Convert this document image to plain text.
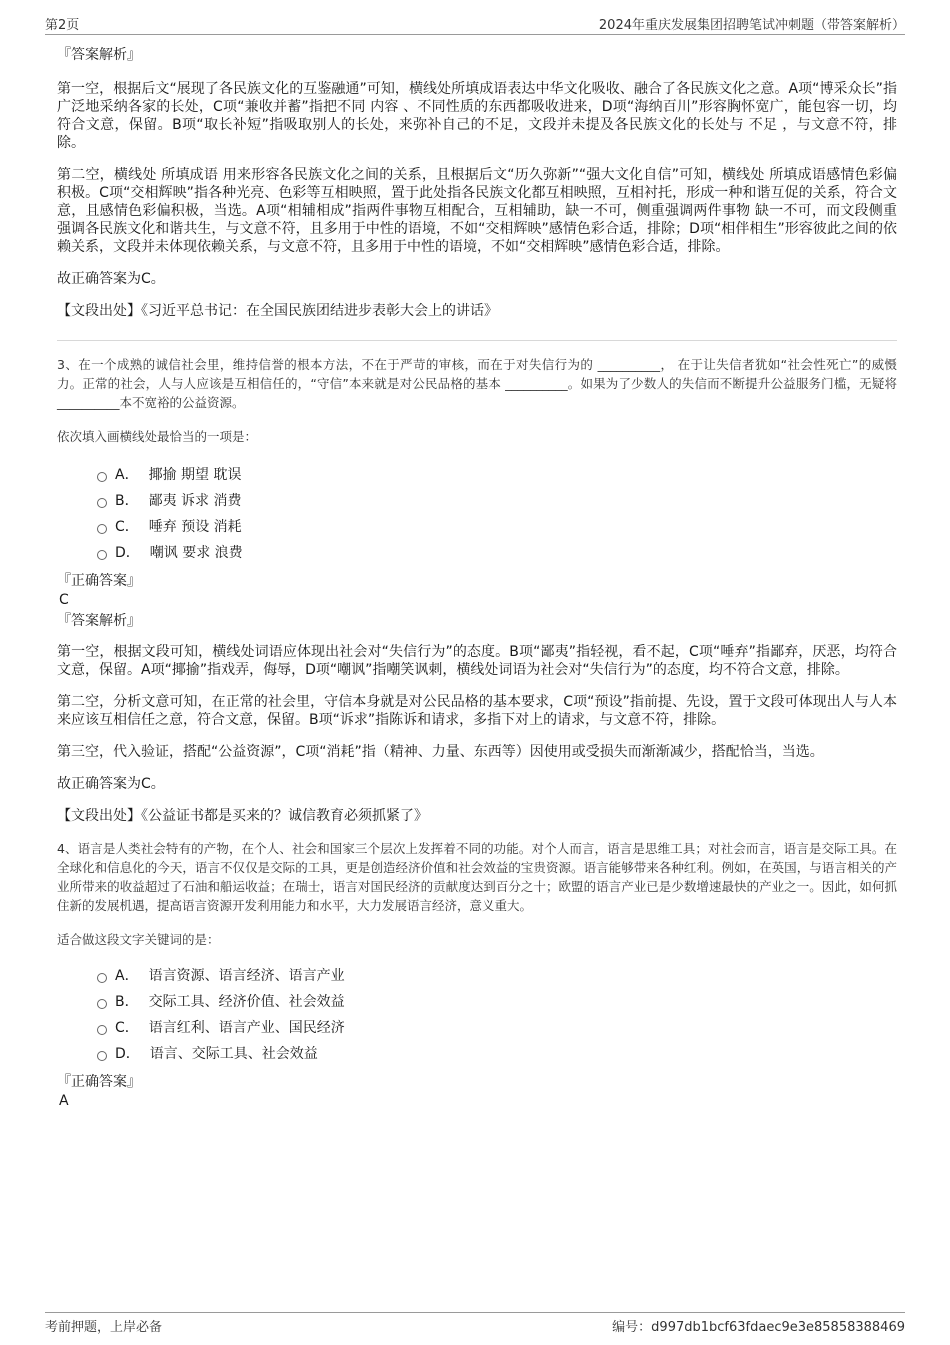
第2页	2024年重庆发展集团招聘笔试冲刺题（带答案解析）

『答案解析』

第一空，根据后文“展现了各民族文化的互鉴融通”可知，横线处所填成语表达中华文化吸收、融合了各民族文化之意。A项“博采众长”指广泛地采纳各家的长处，C项“兼收并蓄”指把不同 内容 、不同性质的东西都吸收进来，D项“海纳百川”形容胸怀宽广，能包容一切，均符合文意，保留。B项“取长补短”指吸取别人的长处，来弥补自己的不足，文段并未提及各民族文化的长处与 不足 ，与文意不符，排除。

第二空，横线处 所填成语 用来形容各民族文化之间的关系，且根据后文“历久弥新”“强大文化自信”可知，横线处 所填成语感情色彩偏积极。C项“交相辉映”指各种光亮、色彩等互相映照，置于此处指各民族文化都互相映照，互相衬托，形成一种和谐互促的关系，符合文意，且感情色彩偏积极，当选。A项“相辅相成”指两件事物互相配合，互相辅助，缺一不可，侧重强调两件事物 缺一不可，而文段侧重强调各民族文化和谐共生，与文意不符，且多用于中性的语境，不如“交相辉映”感情色彩合适，排除；D项“相伴相生”形容彼此之间的依赖关系，文段并未体现依赖关系，与文意不符，且多用于中性的语境，不如“交相辉映”感情色彩合适，排除。

故正确答案为C。

【文段出处】《习近平总书记：在全国民族团结进步表彰大会上的讲话》

3、在一个成熟的诚信社会里，维持信誉的根本方法，不在于严苛的审核，而在于对失信行为的 __________， 在于让失信者犹如“社会性死亡”的威慑力。正常的社会，人与人应该是互相信任的，“守信”本来就是对公民品格的基本 __________。如果为了少数人的失信而不断提升公益服务门槛，无疑将 __________本不宽裕的公益资源。

依次填入画横线处最恰当的一项是：

A． 揶揄 期望 耽误
B． 鄙夷 诉求 消费
C． 唾弃 预设 消耗
D． 嘲讽 要求 浪费

『正确答案』

C

『答案解析』

第一空，根据文段可知，横线处词语应体现出社会对“失信行为”的态度。B项“鄙夷”指轻视，看不起，C项“唾弃”指鄙弃，厌恶，均符合文意，保留。A项“揶揄”指戏弄，侮辱，D项“嘲讽”指嘲笑讽刺，横线处词语为社会对“失信行为”的态度，均不符合文意，排除。

第二空，分析文意可知，在正常的社会里，守信本身就是对公民品格的基本要求，C项“预设”指前提、先设，置于文段可体现出人与人本来应该互相信任之意，符合文意，保留。B项“诉求”指陈诉和请求，多指下对上的请求，与文意不符，排除。

第三空，代入验证，搭配“公益资源”，C项“消耗”指（精神、力量、东西等）因使用或受损失而渐渐减少，搭配恰当，当选。

故正确答案为C。

【文段出处】《公益证书都是买来的？诚信教育必须抓紧了》

4、语言是人类社会特有的产物，在个人、社会和国家三个层次上发挥着不同的功能。对个人而言，语言是思维工具；对社会而言，语言是交际工具。在全球化和信息化的今天，语言不仅仅是交际的工具，更是创造经济价值和社会效益的宝贵资源。语言能够带来各种红利。例如，在英国，与语言相关的产业所带来的收益超过了石油和船运收益；在瑞士，语言对国民经济的贡献度达到百分之十；欧盟的语言产业已是少数增速最快的产业之一。因此，如何抓住新的发展机遇，提高语言资源开发利用能力和水平，大力发展语言经济，意义重大。

适合做这段文字关键词的是：

A． 语言资源、语言经济、语言产业
B． 交际工具、经济价值、社会效益
C． 语言红利、语言产业、国民经济
D． 语言、交际工具、社会效益

『正确答案』

A

考前押题，上岸必备	编号：d997db1bcf63fdaec9e3e85858388469
